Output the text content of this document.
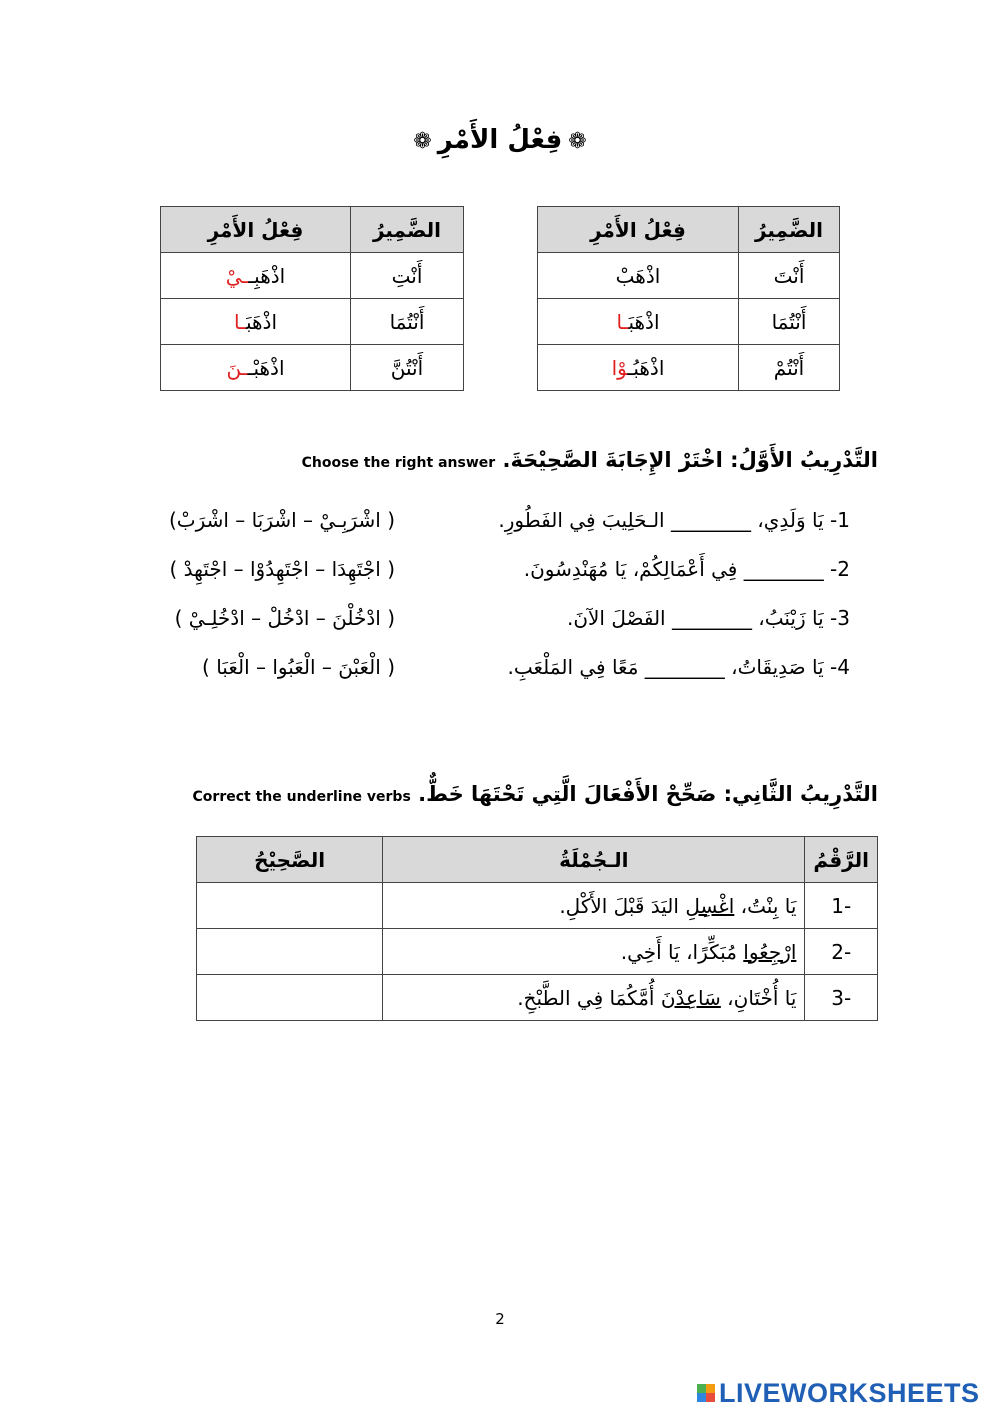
❁فِعْلُ الأَمْرِ❁
الضَّمِيرُ	فِعْلُ الأَمْرِ
أَنْتَ	اذْهَبْ
أَنْتُمَا	اذْهَبَـا
أَنْتُمْ	اذْهَبُـوْا
الضَّمِيرُ	فِعْلُ الأَمْرِ
أَنْتِ	اذْهَبِــيْ
أَنْتُمَا	اذْهَبَـا
أَنْتُنَّ	اذْهَبْــنَ
التَّدْرِيبُ الأَوَّلُ: اخْتَرْ الإِجَابَةَ الصَّحِيْحَةَ. Choose the right answer
1- يَا وَلَدِي، ________ الـحَلِيبَ فِي الفَطُورِ.
( اشْرَبِـيْ – اشْرَبَا – اشْرَبْ)
2- ________ فِي أَعْمَالِكُمْ، يَا مُهَنْدِسُونَ.
( اجْتَهِدَا – اجْتَهِدُوْا – اجْتَهِدْ )
3- يَا زَيْنَبُ، ________ الفَصْلَ الآنَ.
( ادْخُلْنَ – ادْخُلْ – ادْخُلِـيْ )
4- يَا صَدِيقَاتُ، ________ مَعًا فِي المَلْعَبِ.
( الْعَبْنَ – الْعَبُوا – الْعَبَا )
التَّدْرِيبُ الثَّانِي: صَحِّحْ الأَفْعَالَ الَّتِي تَحْتَهَا خَطٌّ. Correct the underline verbs
الرَّقْمُ	الـجُمْلَةُ	الصَّحِيْحُ
-1	يَا بِنْتُ، اغْسِلِ اليَدَ قَبْلَ الأَكْلِ.	
-2	ارْجِعُوا مُبَكِّرًا، يَا أَخِي.	
-3	يَا أُخْتَانِ، سَاعِدْنَ أُمَّكُمَا فِي الطَّبْخِ.	
2
LIVEWORKSHEETS
